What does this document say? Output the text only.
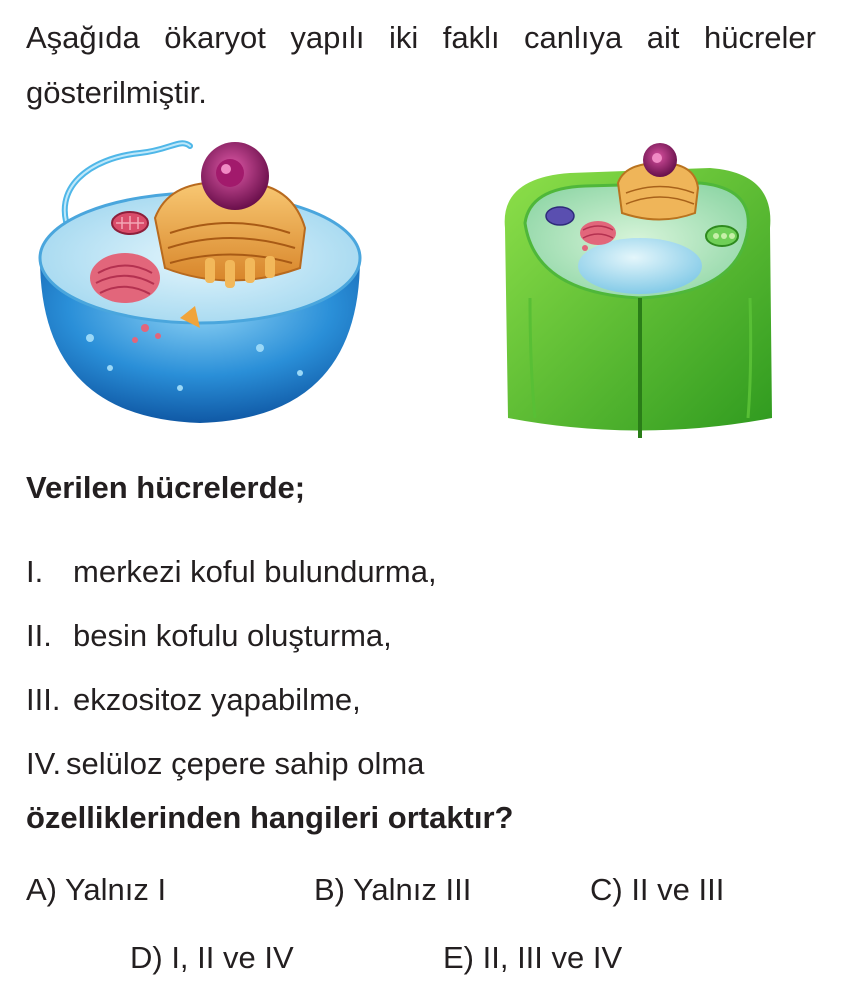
Aşağıda ökaryot yapılı iki faklı canlıya ait hücreler gösterilmiştir.

Verilen hücrelerde;

I. merkezi koful bulundurma,
II. besin kofulu oluşturma,
III. ekzositoz yapabilme,
IV. selüloz çepere sahip olma

özelliklerinden hangileri ortaktır?

A) Yalnız I	B) Yalnız III	C) II ve III
D) I, II ve IV	E) II, III ve IV
